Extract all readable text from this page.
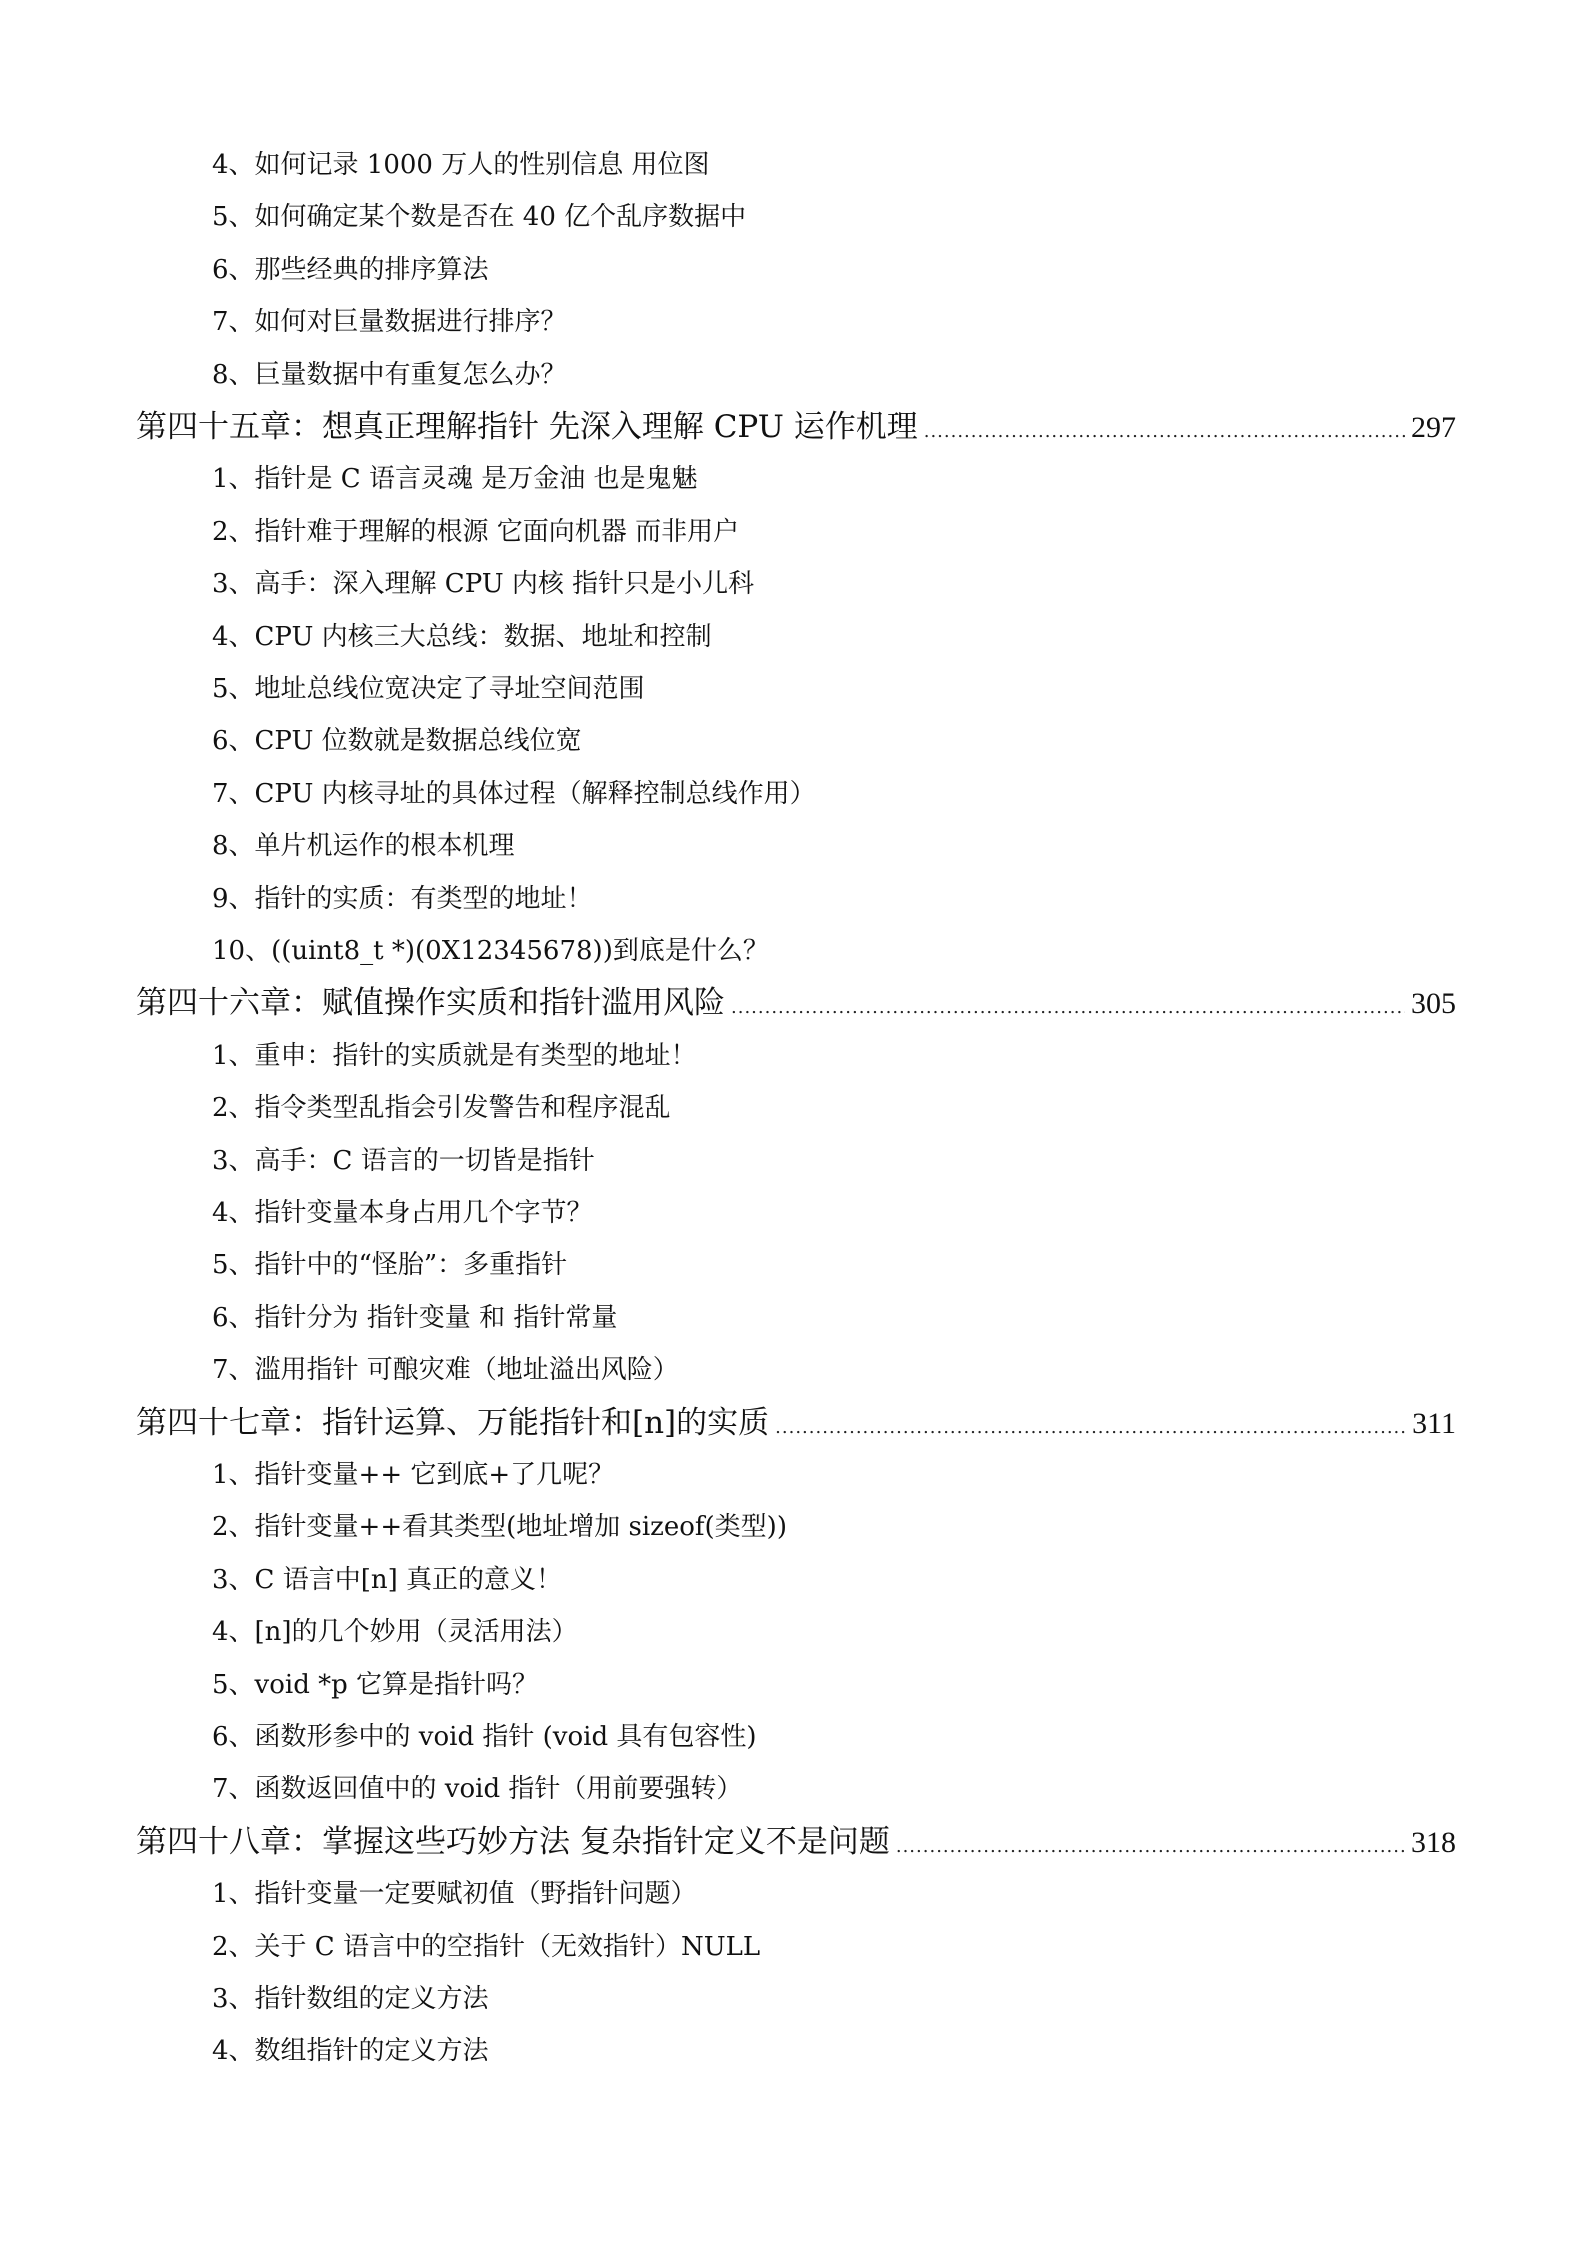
4、如何记录 1000 万人的性别信息 用位图
5、如何确定某个数是否在 40 亿个乱序数据中
6、那些经典的排序算法
7、如何对巨量数据进行排序？
8、巨量数据中有重复怎么办？
第四十五章：想真正理解指针 先深入理解 CPU 运作机理 .....	297
1、指针是 C 语言灵魂 是万金油 也是鬼魅
2、指针难于理解的根源 它面向机器 而非用户
3、高手：深入理解 CPU 内核 指针只是小儿科
4、CPU 内核三大总线：数据、地址和控制
5、地址总线位宽决定了寻址空间范围
6、CPU 位数就是数据总线位宽
7、CPU 内核寻址的具体过程（解释控制总线作用）
8、单片机运作的根本机理
9、指针的实质：有类型的地址！
10、((uint8_t *)(0X12345678))到底是什么？
第四十六章：赋值操作实质和指针滥用风险 .....	305
1、重申：指针的实质就是有类型的地址！
2、指令类型乱指会引发警告和程序混乱
3、高手：C 语言的一切皆是指针
4、指针变量本身占用几个字节？
5、指针中的“怪胎”：多重指针
6、指针分为 指针变量 和 指针常量
7、滥用指针 可酿灾难（地址溢出风险）
第四十七章：指针运算、万能指针和[n]的实质 .....	311
1、指针变量++ 它到底+了几呢？
2、指针变量++看其类型(地址增加 sizeof(类型))
3、C 语言中[n] 真正的意义！
4、[n]的几个妙用（灵活用法）
5、void *p 它算是指针吗？
6、函数形参中的 void 指针 (void 具有包容性)
7、函数返回值中的 void 指针（用前要强转）
第四十八章：掌握这些巧妙方法 复杂指针定义不是问题 .....	318
1、指针变量一定要赋初值（野指针问题）
2、关于 C 语言中的空指针（无效指针）NULL
3、指针数组的定义方法
4、数组指针的定义方法
